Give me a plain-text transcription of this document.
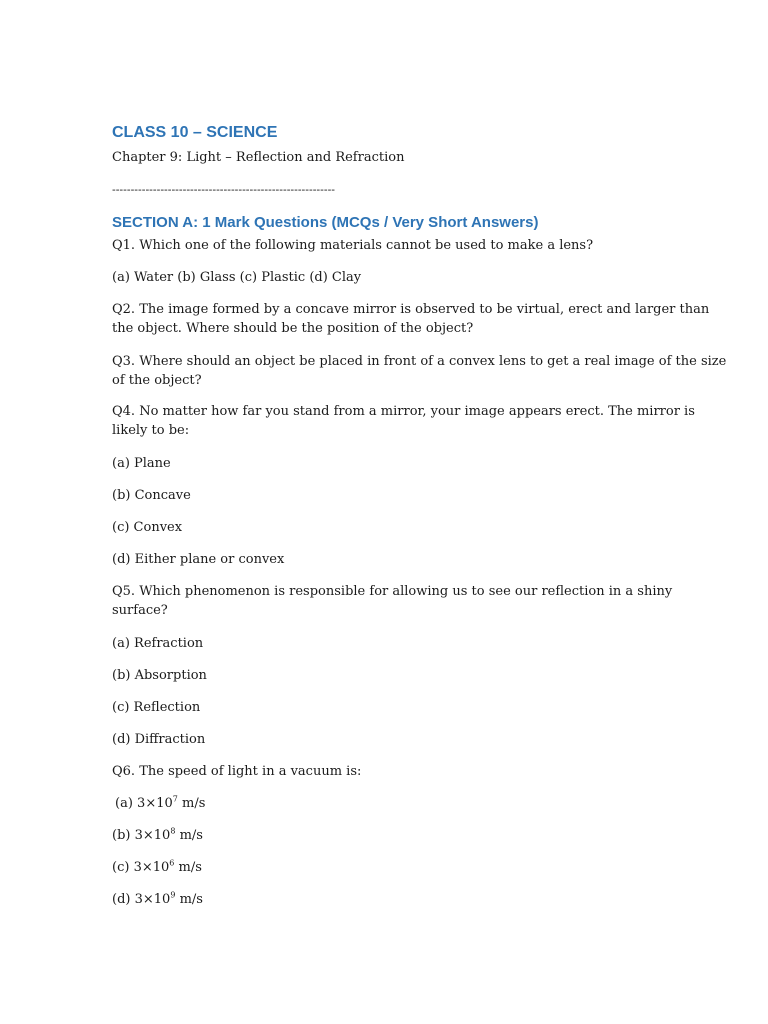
CLASS 10 – SCIENCE
Chapter 9: Light – Reflection and Refraction
------------------------------------------------------------
SECTION A: 1 Mark Questions (MCQs / Very Short Answers)
Q1. Which one of the following materials cannot be used to make a lens?
(a) Water (b) Glass (c) Plastic (d) Clay
Q2. The image formed by a concave mirror is observed to be virtual, erect and larger than
the object. Where should be the position of the object?
Q3. Where should an object be placed in front of a convex lens to get a real image of the size
of the object?
Q4. No matter how far you stand from a mirror, your image appears erect. The mirror is
likely to be:
(a) Plane
(b) Concave
(c) Convex
(d) Either plane or convex
Q5. Which phenomenon is responsible for allowing us to see our reflection in a shiny
surface?
(a) Refraction
(b) Absorption
(c) Reflection
(d) Diffraction
Q6. The speed of light in a vacuum is:
(a) $3\times 10^7$ m/s
(b) $3\times 10^8$ m/s
(c) $3\times 10^6$ m/s
(d) $3\times 10^9$ m/s
